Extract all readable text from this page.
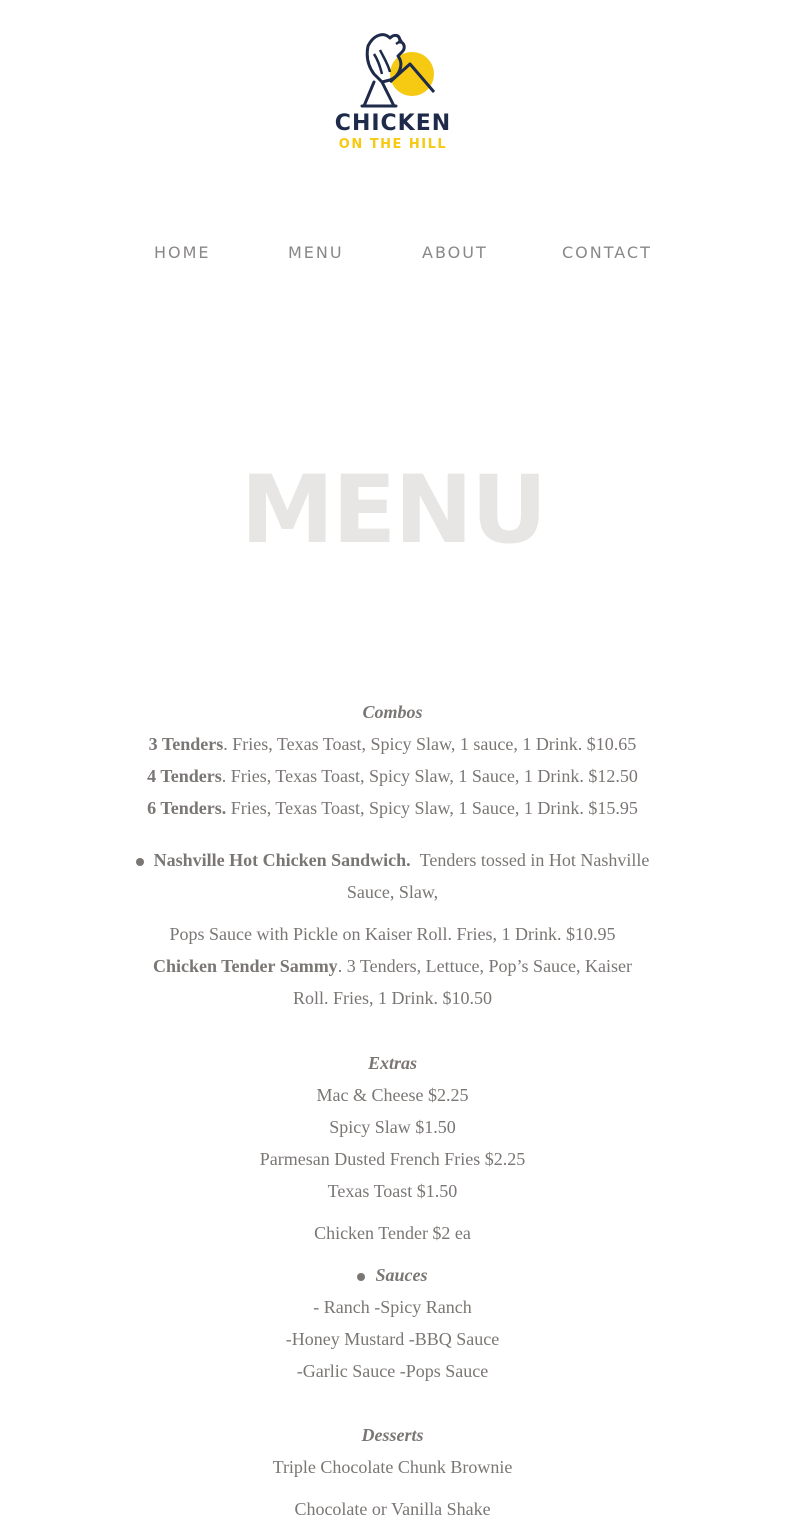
CHICKEN
ON THE HILL
HOME	MENU	ABOUT	CONTACT
MENU
Combos
3 Tenders. Fries, Texas Toast, Spicy Slaw, 1 sauce, 1 Drink. $10.65
4 Tenders. Fries, Texas Toast, Spicy Slaw, 1 Sauce, 1 Drink. $12.50
6 Tenders. Fries, Texas Toast, Spicy Slaw, 1 Sauce, 1 Drink. $15.95
Nashville Hot Chicken Sandwich. Tenders tossed in Hot Nashville
Sauce, Slaw,
Pops Sauce with Pickle on Kaiser Roll. Fries, 1 Drink. $10.95
Chicken Tender Sammy. 3 Tenders, Lettuce, Pop’s Sauce, Kaiser
Roll. Fries, 1 Drink. $10.50
Extras
Mac & Cheese $2.25
Spicy Slaw $1.50
Parmesan Dusted French Fries $2.25
Texas Toast $1.50
Chicken Tender $2 ea
Sauces
- Ranch -Spicy Ranch
-Honey Mustard -BBQ Sauce
-Garlic Sauce -Pops Sauce
Desserts
Triple Chocolate Chunk Brownie
Chocolate or Vanilla Shake
